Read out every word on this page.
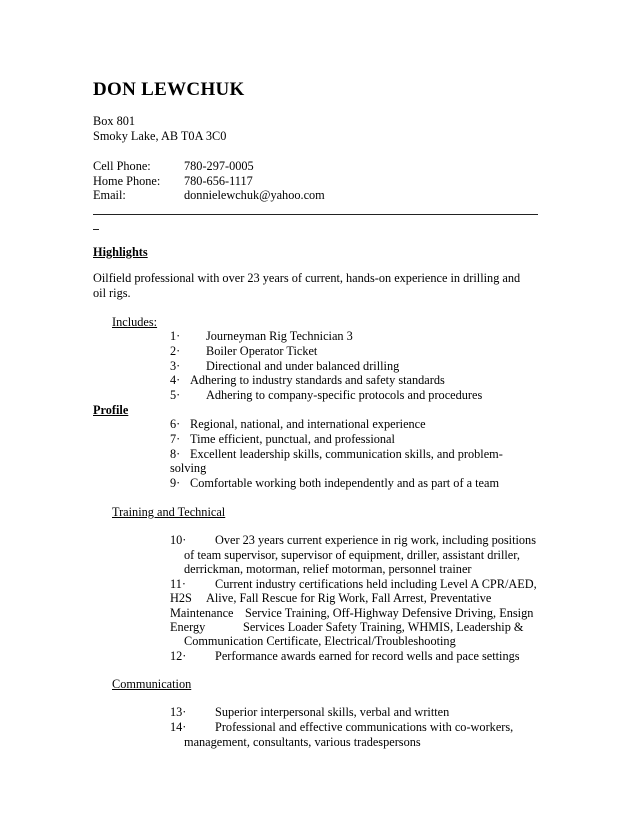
DON LEWCHUK
Box 801
Smoky Lake, AB T0A 3C0
Cell Phone:	780-297-0005
Home Phone: 780-656-1117
Email:	donnielewchuk@yahoo.com
Highlights
Oilfield professional with over 23 years of current, hands-on experience in drilling and
oil rigs.
Includes:
1· Journeyman Rig Technician 3
2· Boiler Operator Ticket
3· Directional and under balanced drilling
4· Adhering to industry standards and safety standards
5· Adhering to company-specific protocols and procedures
Profile
6· Regional, national, and international experience
7· Time efficient, punctual, and professional
8· Excellent leadership skills, communication skills, and problem-
solving
9· Comfortable working both independently and as part of a team
Training and Technical
10· Over 23 years current experience in rig work, including positions
of team supervisor, supervisor of equipment, driller, assistant driller,
derrickman, motorman, relief motorman, personnel trainer
11· Current industry certifications held including Level A CPR/AED,
H2S Alive, Fall Rescue for Rig Work, Fall Arrest, Preventative
Maintenance Service Training, Off-Highway Defensive Driving, Ensign
Energy	Services Loader Safety Training, WHMIS, Leadership &
Communication Certificate, Electrical/Troubleshooting
12· Performance awards earned for record wells and pace settings
Communication
13· Superior interpersonal skills, verbal and written
14· Professional and effective communications with co-workers,
management, consultants, various tradespersons
